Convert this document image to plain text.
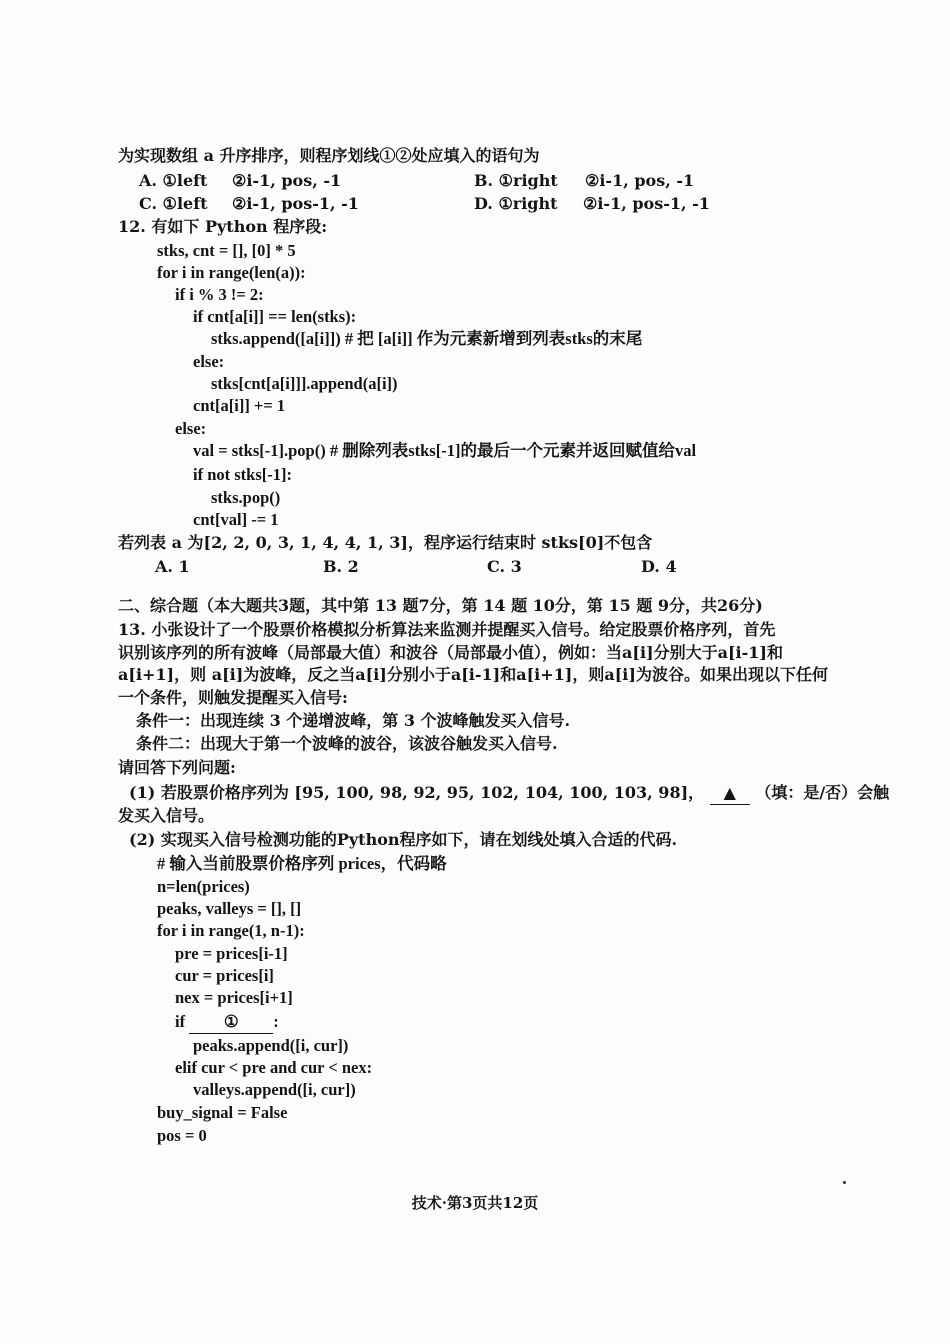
为实现数组 a 升序排序，则程序划线①②处应填入的语句为
A. ①left ②i-1, pos, -1	B. ①right ②i-1, pos, -1
C. ①left ②i-1, pos-1, -1	D. ①right ②i-1, pos-1, -1
12. 有如下 Python 程序段:
stks, cnt = [], [0] * 5
for i in range(len(a)):
if i % 3 != 2:
if cnt[a[i]] == len(stks):
stks.append([a[i]]) # 把 [a[i]] 作为元素新增到列表stks的末尾
else:
stks[cnt[a[i]]].append(a[i])
cnt[a[i]] += 1
else:
val = stks[-1].pop() # 删除列表stks[-1]的最后一个元素并返回赋值给val
if not stks[-1]:
stks.pop()
cnt[val] -= 1
若列表 a 为[2, 2, 0, 3, 1, 4, 4, 1, 3]，程序运行结束时 stks[0]不包含
A. 1	B. 2	C. 3	D. 4
二、综合题（本大题共3题，其中第 13 题7分，第 14 题 10分，第 15 题 9分，共26分)
13. 小张设计了一个股票价格模拟分析算法来监测并提醒买入信号。给定股票价格序列，首先
识别该序列的所有波峰（局部最大值）和波谷（局部最小值），例如：当a[i]分别大于a[i-1]和
a[i+1]，则 a[i]为波峰，反之当a[i]分别小于a[i-1]和a[i+1]，则a[i]为波谷。如果出现以下任何
一个条件，则触发提醒买入信号:
条件一：出现连续 3 个递增波峰，第 3 个波峰触发买入信号.
条件二：出现大于第一个波峰的波谷，该波谷触发买入信号.
请回答下列问题:
(1) 若股票价格序列为 [95, 100, 98, 92, 95, 102, 104, 100, 103, 98]， ▲ （填：是/否）会触
发买入信号。
(2) 实现买入信号检测功能的Python程序如下，请在划线处填入合适的代码.
# 输入当前股票价格序列 prices，代码略
n=len(prices)
peaks, valleys = [], []
for i in range(1, n-1):
pre = prices[i-1]
cur = prices[i]
nex = prices[i+1]
if ① :
peaks.append([i, cur])
elif cur < pre and cur < nex:
valleys.append([i, cur])
buy_signal = False
pos = 0
技术·第3页共12页
